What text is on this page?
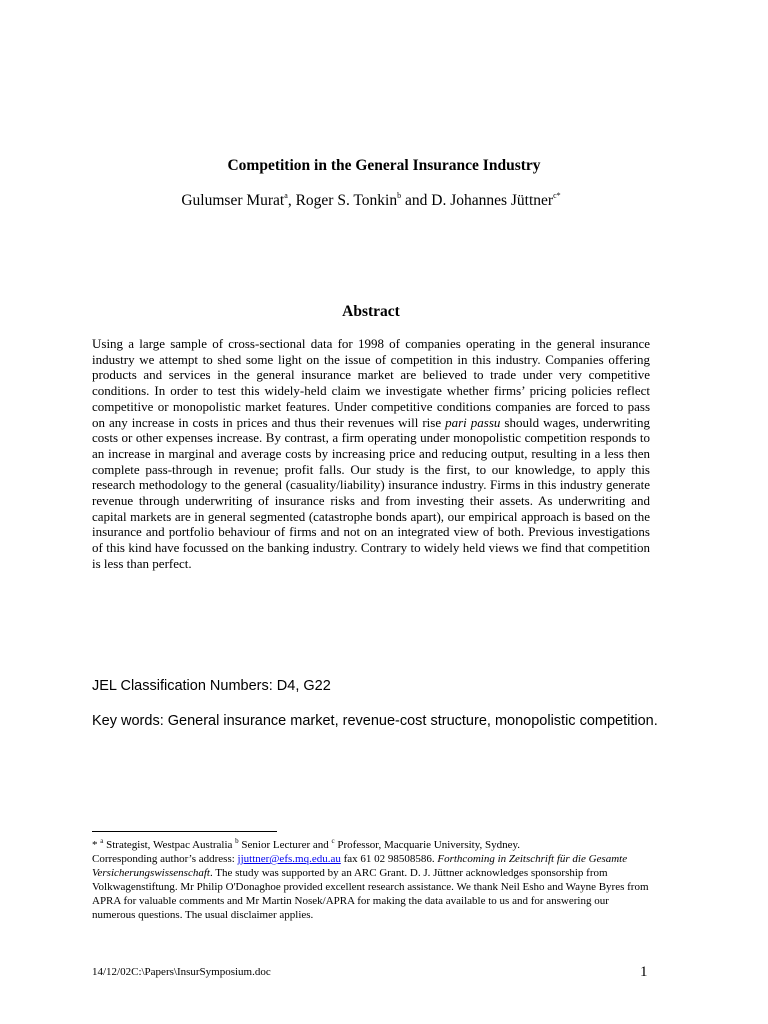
Competition in the General Insurance Industry
Gulumser Murat$^a$, Roger S. Tonkin$^b$ and D. Johannes Jüttner$^{c*}$
Abstract

Using a large sample of cross-sectional data for 1998 of companies operating in the general insurance industry we attempt to shed some light on the issue of competition in this industry. Companies offering products and services in the general insurance market are believed to trade under very competitive conditions. In order to test this widely-held claim we investigate whether firms’ pricing policies reflect competitive or monopolistic market features. Under competitive conditions companies are forced to pass on any increase in costs in prices and thus their revenues will rise pari passu should wages, underwriting costs or other expenses increase. By contrast, a firm operating under monopolistic competition responds to an increase in marginal and average costs by increasing price and reducing output, resulting in a less then complete pass-through in revenue; profit falls. Our study is the first, to our knowledge, to apply this research methodology to the general (casuality/liability) insurance industry. Firms in this industry generate revenue through underwriting of insurance risks and from investing their assets. As underwriting and capital markets are in general segmented (catastrophe bonds apart), our empirical approach is based on the insurance and portfolio behaviour of firms and not on an integrated view of both. Previous investigations of this kind have focussed on the banking industry. Contrary to widely held views we find that competition is less than perfect.

JEL Classification Numbers: D4, G22
Key words: General insurance market, revenue-cost structure, monopolistic competition.

* $^a$ Strategist, Westpac Australia $^b$ Senior Lecturer and $^c$ Professor, Macquarie University, Sydney.
Corresponding author’s address: jjuttner@efs.mq.edu.au fax 61 02 98508586. Forthcoming in Zeitschrift für die Gesamte Versicherungswissenschaft. The study was supported by an ARC Grant. D. J. Jüttner acknowledges sponsorship from Volkwagenstiftung. Mr Philip O'Donaghoe provided excellent research assistance. We thank Neil Esho and Wayne Byres from APRA for valuable comments and Mr Martin Nosek/APRA for making the data available to us and for answering our numerous questions. The usual disclaimer applies.

14/12/02C:\Papers\InsurSymposium.doc	1
